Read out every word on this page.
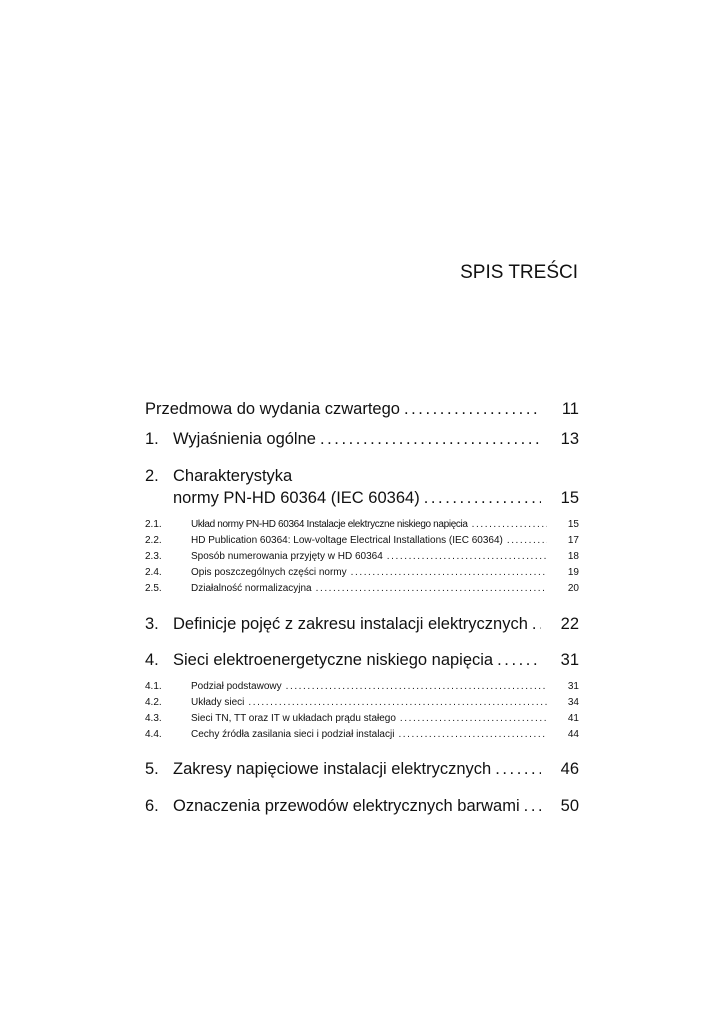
SPIS TREŚCI
Przedmowa do wydania czwartego . . .	11
1. Wyjaśnienia ogólne . . .	13
2. Charakterystyka
normy PN-HD 60364 (IEC 60364) . . .	15
2.1.	Układ normy PN-HD 60364 Instalacje elektryczne niskiego napięcia . . .	15
2.2.	HD Publication 60364: Low-voltage Electrical Installations (IEC 60364) . . .	17
2.3.	Sposób numerowania przyjęty w HD 60364 . . .	18
2.4.	Opis poszczególnych części normy . . .	19
2.5.	Działalność normalizacyjna . . .	20
3. Definicje pojęć z zakresu instalacji elektrycznych . . .	22
4. Sieci elektroenergetyczne niskiego napięcia . . .	31
4.1.	Podział podstawowy . . .	31
4.2.	Układy sieci . . .	34
4.3.	Sieci TN, TT oraz IT w układach prądu stałego . . .	41
4.4.	Cechy źródła zasilania sieci i podział instalacji . . .	44
5. Zakresy napięciowe instalacji elektrycznych . . .	46
6. Oznaczenia przewodów elektrycznych barwami . . .	50
